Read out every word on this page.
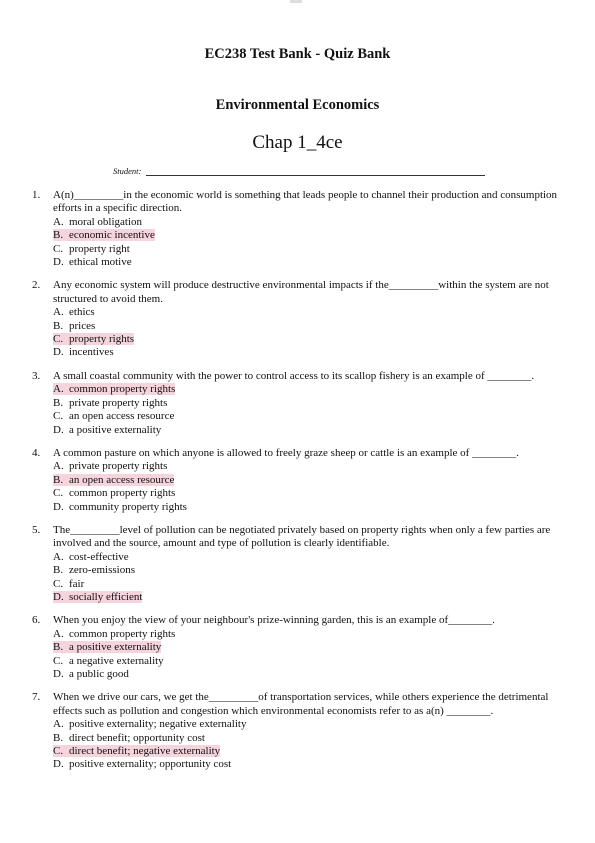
EC238 Test Bank - Quiz Bank
Environmental Economics
Chap 1_4ce
Student:
1. A(n)_________in the economic world is something that leads people to channel their production and consumption efforts in a specific direction.
A. moral obligation
B. economic incentive
C. property right
D. ethical motive
2. Any economic system will produce destructive environmental impacts if the_________within the system are not structured to avoid them.
A. ethics
B. prices
C. property rights
D. incentives
3. A small coastal community with the power to control access to its scallop fishery is an example of ________.
A. common property rights
B. private property rights
C. an open access resource
D. a positive externality
4. A common pasture on which anyone is allowed to freely graze sheep or cattle is an example of ________.
A. private property rights
B. an open access resource
C. common property rights
D. community property rights
5. The_________level of pollution can be negotiated privately based on property rights when only a few parties are involved and the source, amount and type of pollution is clearly identifiable.
A. cost-effective
B. zero-emissions
C. fair
D. socially efficient
6. When you enjoy the view of your neighbour's prize-winning garden, this is an example of________.
A. common property rights
B. a positive externality
C. a negative externality
D. a public good
7. When we drive our cars, we get the_________of transportation services, while others experience the detrimental effects such as pollution and congestion which environmental economists refer to as a(n) ________.
A. positive externality; negative externality
B. direct benefit; opportunity cost
C. direct benefit; negative externality
D. positive externality; opportunity cost
